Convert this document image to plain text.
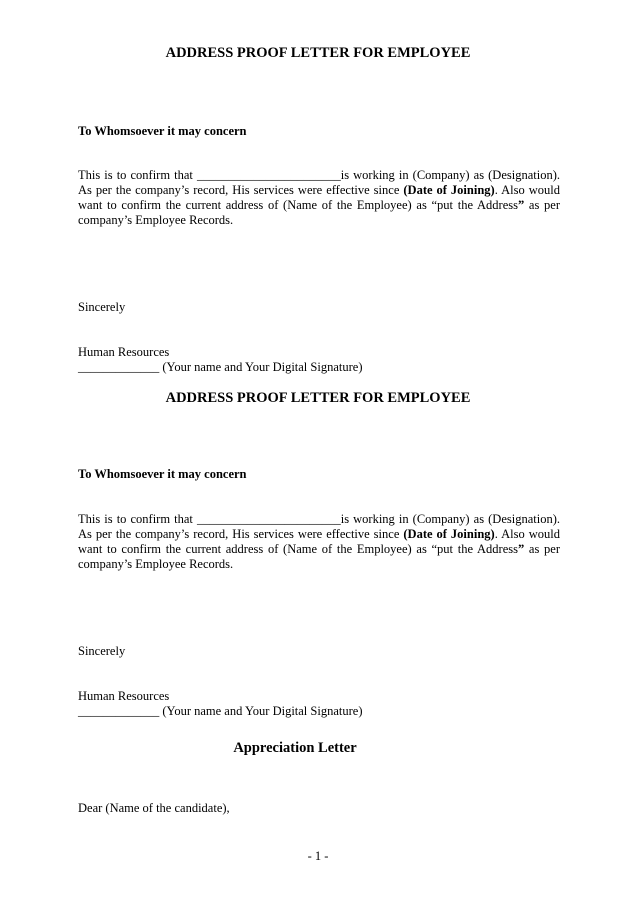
ADDRESS PROOF LETTER FOR EMPLOYEE

To Whomsoever it may concern

This is to confirm that _______________________is working in (Company) as (Designation). As per the company’s record, His services were effective since (Date of Joining). Also would want to confirm the current address of (Name of the Employee) as “put the Address” as per company’s Employee Records.

Sincerely

Human Resources

_____________ (Your name and Your Digital Signature)

ADDRESS PROOF LETTER FOR EMPLOYEE

To Whomsoever it may concern

This is to confirm that _______________________is working in (Company) as (Designation). As per the company’s record, His services were effective since (Date of Joining). Also would want to confirm the current address of (Name of the Employee) as “put the Address” as per company’s Employee Records.

Sincerely

Human Resources

_____________ (Your name and Your Digital Signature)

Appreciation Letter

Dear (Name of the candidate),

- 1 -
